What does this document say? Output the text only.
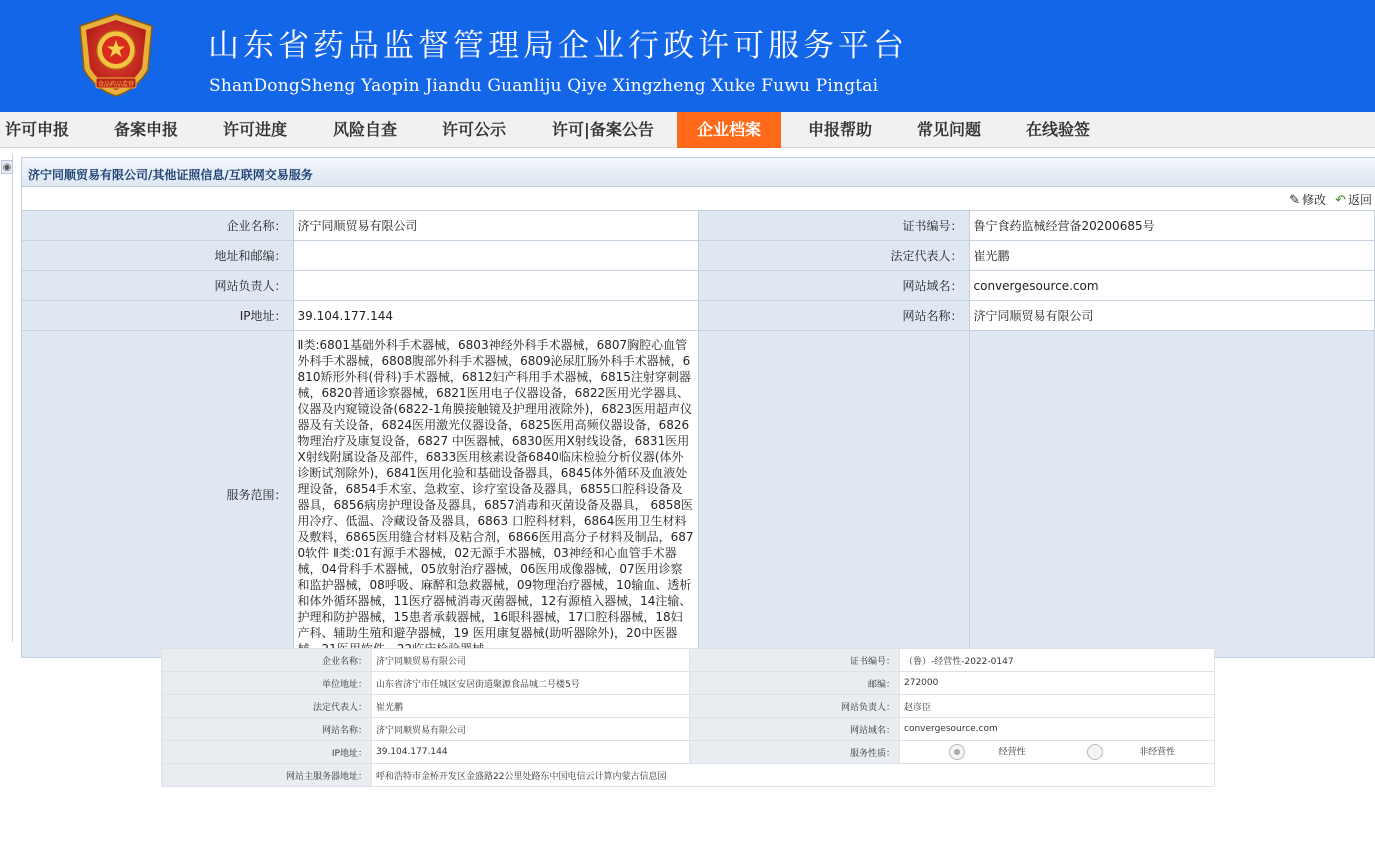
食品药品监督
山东省药品监督管理局企业行政许可服务平台
ShanDongSheng Yaopin Jiandu Guanliju Qiye Xingzheng Xuke Fuwu Pingtai
许可申报	备案申报	许可进度	风险自查	许可公示	许可|备案公告	企业档案	申报帮助	常见问题	在线验签
◉
济宁同顺贸易有限公司/其他证照信息/互联网交易服务
✎ 修改 ↶ 返回
企业名称：	济宁同顺贸易有限公司	证书编号：	鲁宁食药监械经营备20200685号
地址和邮编：		法定代表人：	崔光鹏
网站负责人：		网站域名：	convergesource.com
IP地址：	39.104.177.144	网站名称：	济宁同顺贸易有限公司
服务范围：	Ⅱ类:6801基础外科手术器械，6803神经外科手术器械，6807胸腔心血管外科手术器械，6808腹部外科手术器械，6809泌尿肛肠外科手术器械，6810矫形外科(骨科)手术器械，6812妇产科用手术器械，6815注射穿刺器械，6820普通诊察器械，6821医用电子仪器设备，6822医用光学器具、仪器及内窥镜设备(6822-1角膜接触镜及护理用液除外)，6823医用超声仪器及有关设备，6824医用激光仪器设备，6825医用高频仪器设备，6826 物理治疗及康复设备，6827 中医器械，6830医用X射线设备，6831医用X射线附属设备及部件，6833医用核素设备6840临床检验分析仪器(体外诊断试剂除外)，6841医用化验和基础设备器具，6845体外循环及血液处理设备，6854手术室、急救室、诊疗室设备及器具，6855口腔科设备及器具，6856病房护理设备及器具，6857消毒和灭菌设备及器具， 6858医用冷疗、低温、冷藏设备及器具，6863 口腔科材料，6864医用卫生材料及敷料，6865医用缝合材料及粘合剂，6866医用高分子材料及制品，6870软件 Ⅱ类:01有源手术器械，02无源手术器械，03神经和心血管手术器械，04骨科手术器械，05放射治疗器械，06医用成像器械，07医用诊察和监护器械，08呼吸、麻醉和急救器械，09物理治疗器械，10输血、透析和体外循环器械，11医疗器械消毒灭菌器械，12有源植入器械，14注输、护理和防护器械，15患者承载器械，16眼科器械，17口腔科器械，18妇产科、辅助生殖和避孕器械，19 医用康复器械(助听器除外)，20中医器		
企业名称：	济宁同顺贸易有限公司	证书编号：	（鲁）-经营性-2022-0147
单位地址：	山东省济宁市任城区安居街道聚源食品城二号楼5号	邮编：	272000
法定代表人：	崔光鹏	网站负责人：	赵彦臣
网站名称：	济宁同顺贸易有限公司	网站域名：	convergesource.com
IP地址：	39.104.177.144	服务性质：	经营性 非经营性
网站主服务器地址：	呼和浩特市金桥开发区金盛路22公里处路东中国电信云计算内蒙古信息园		
